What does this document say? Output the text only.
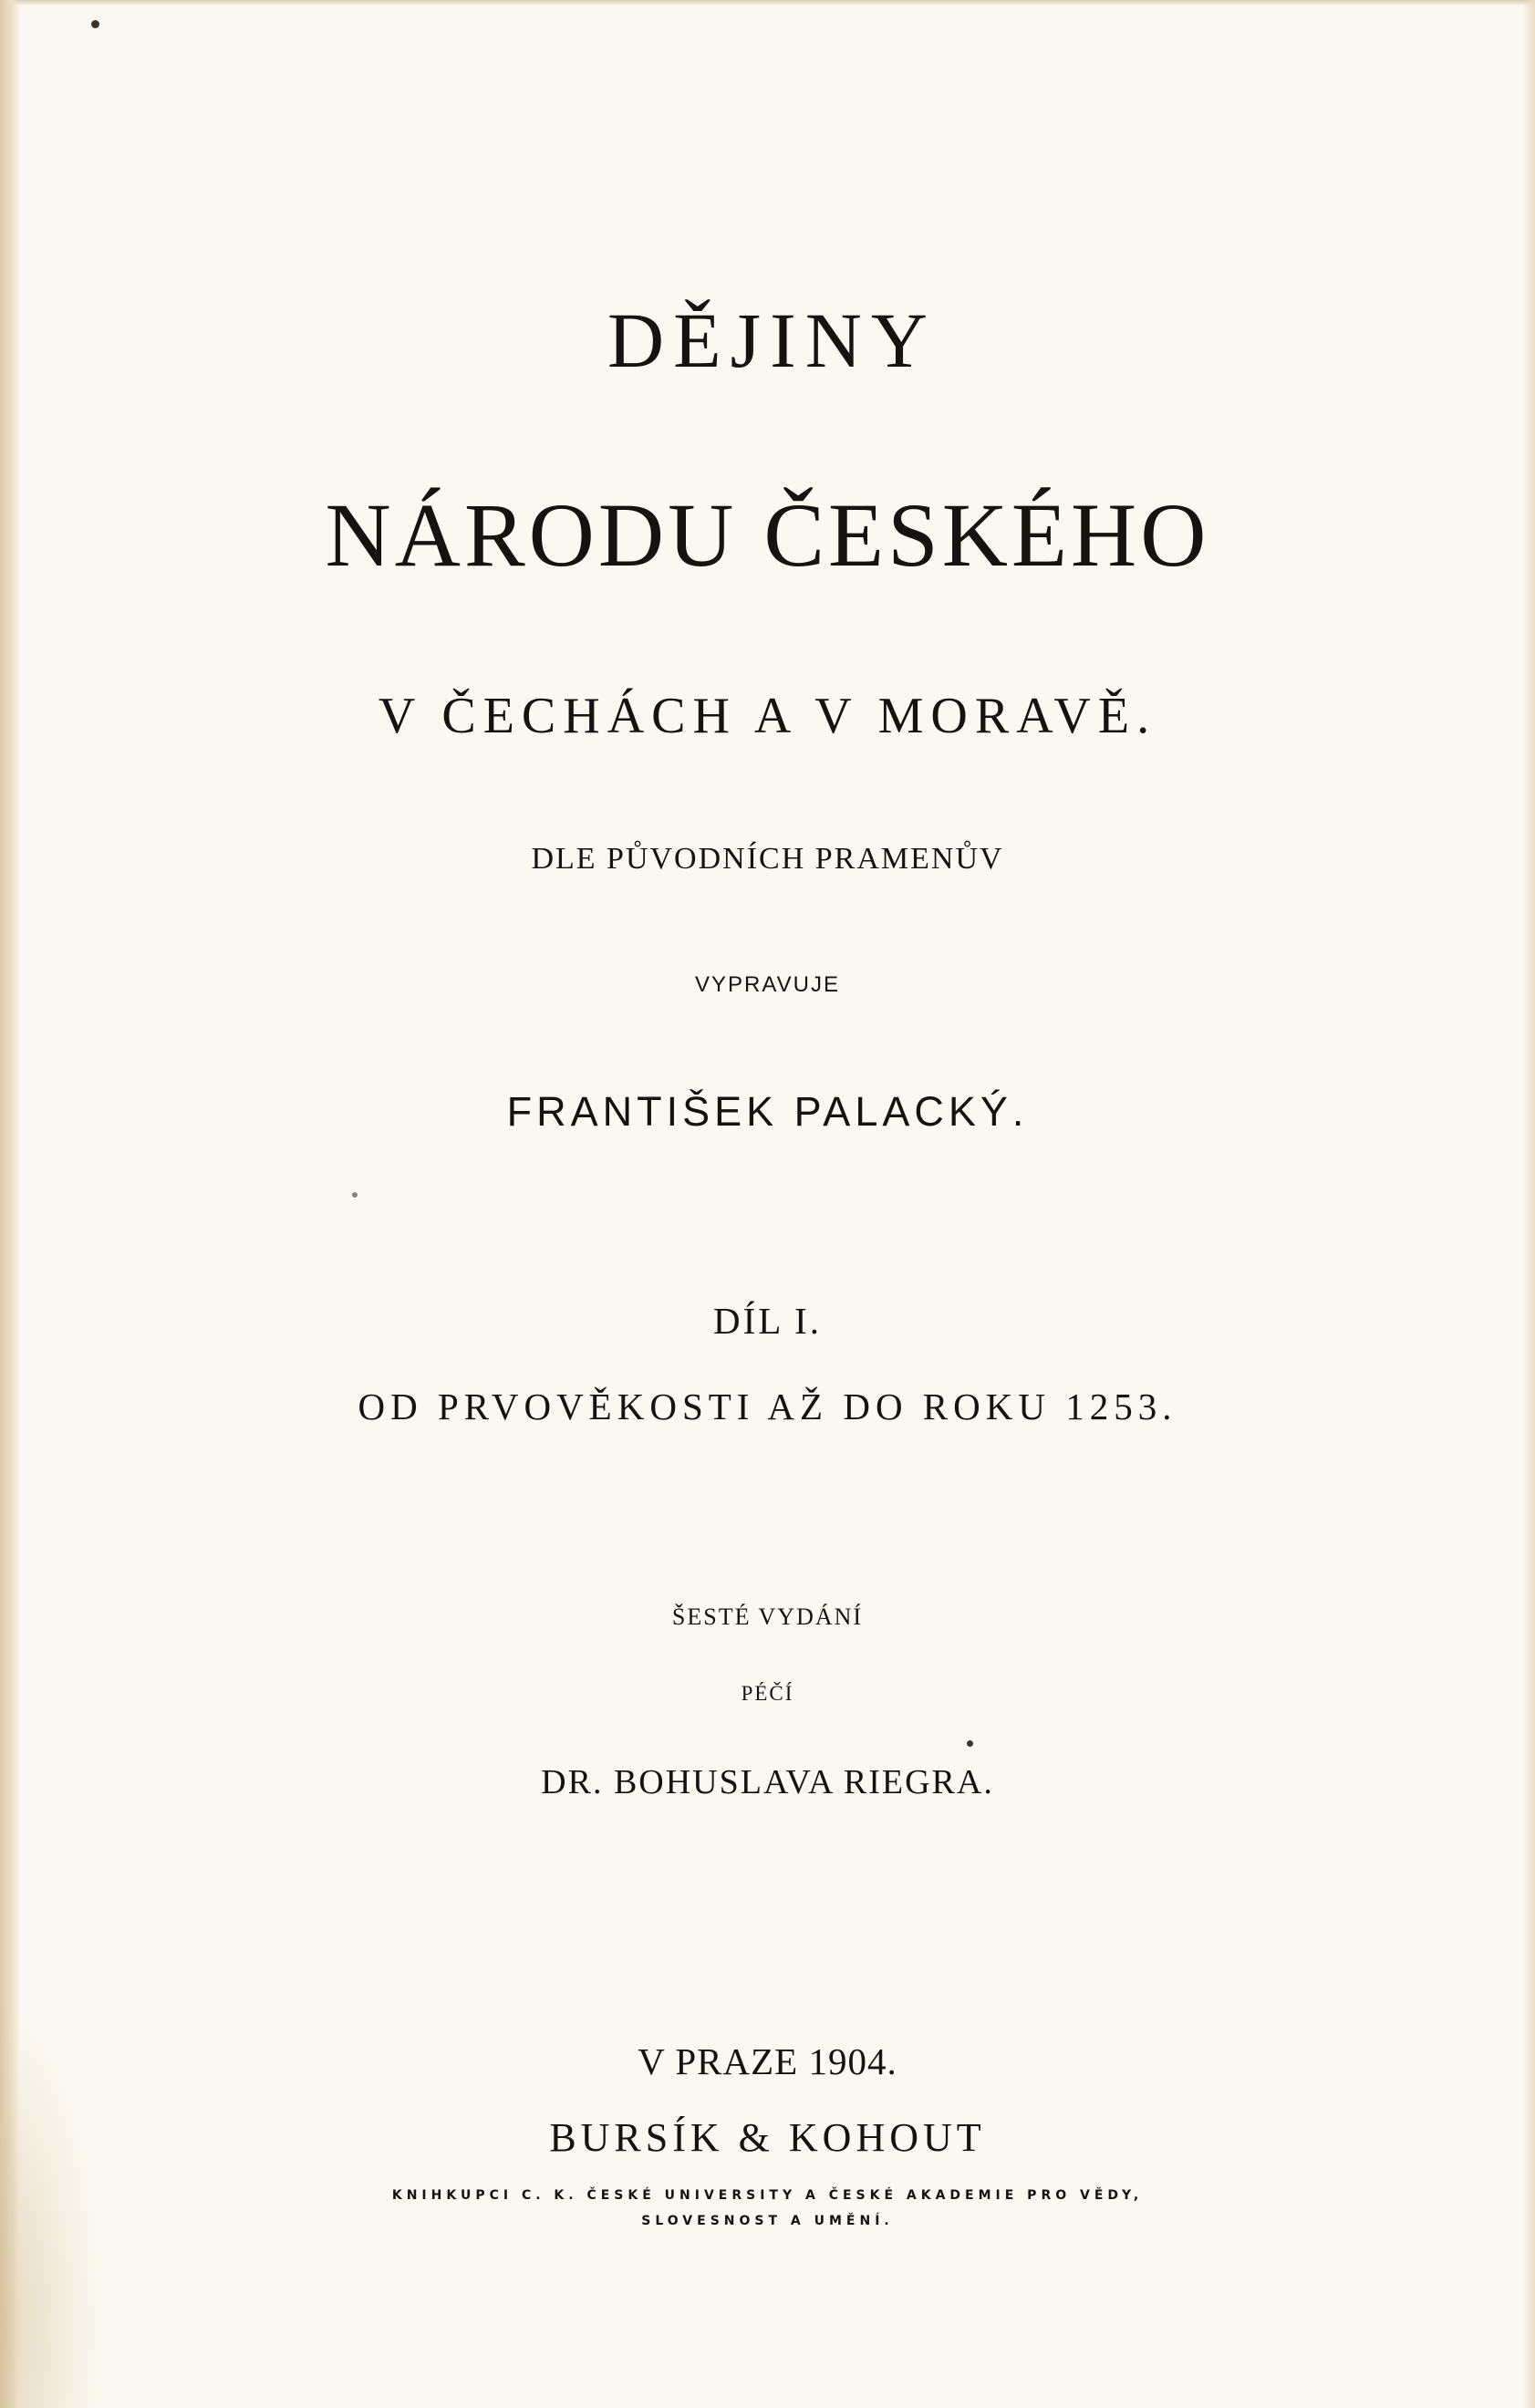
DĚJINY
NÁRODU ČESKÉHO
V ČECHÁCH A V MORAVĚ.
DLE PŮVODNÍCH PRAMENŮV
VYPRAVUJE
FRANTIŠEK PALACKÝ.
DÍL I.
OD PRVOVĚKOSTI AŽ DO ROKU 1253.
ŠESTÉ VYDÁNÍ
PÉČÍ
DR. BOHUSLAVA RIEGRA.
V PRAZE 1904.
BURSÍK & KOHOUT
KNIHKUPCI C. K. ČESKÉ UNIVERSITY A ČESKÉ AKADEMIE PRO VĚDY,
SLOVESNOST A UMĚNÍ.
